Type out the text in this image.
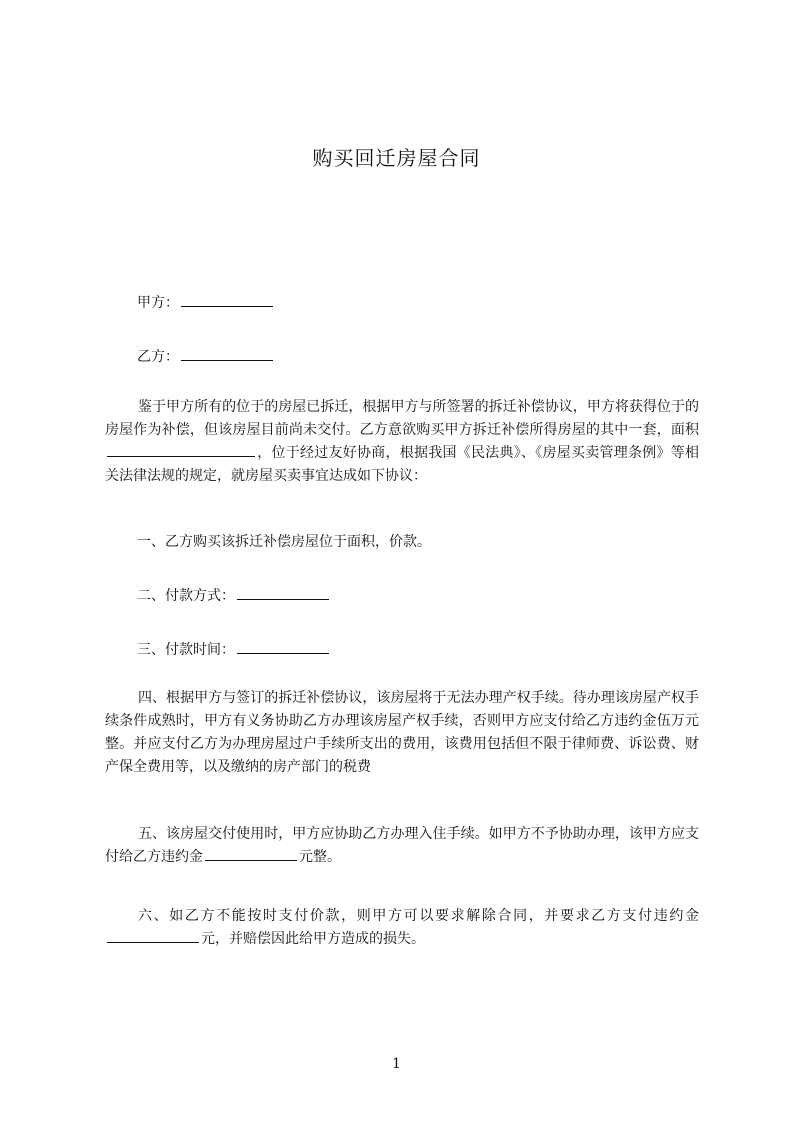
购买回迁房屋合同
甲方：
乙方：
鉴于甲方所有的位于的房屋已拆迁，根据甲方与所签署的拆迁补偿协议，甲方将获得位于的房屋作为补偿，但该房屋目前尚未交付。乙方意欲购买甲方拆迁补偿所得房屋的其中一套，面积，位于经过友好协商，根据我国《民法典》、《房屋买卖管理条例》等相关法律法规的规定，就房屋买卖事宜达成如下协议：
一、乙方购买该拆迁补偿房屋位于面积，价款。
二、付款方式：
三、付款时间：
四、根据甲方与签订的拆迁补偿协议，该房屋将于无法办理产权手续。待办理该房屋产权手续条件成熟时，甲方有义务协助乙方办理该房屋产权手续，否则甲方应支付给乙方违约金伍万元整。并应支付乙方为办理房屋过户手续所支出的费用，该费用包括但不限于律师费、诉讼费、财产保全费用等，以及缴纳的房产部门的税费
五、该房屋交付使用时，甲方应协助乙方办理入住手续。如甲方不予协助办理，该甲方应支付给乙方违约金	元整。
六、如乙方不能按时支付价款，则甲方可以要求解除合同，并要求乙方支付违约金元，并赔偿因此给甲方造成的损失。
1
